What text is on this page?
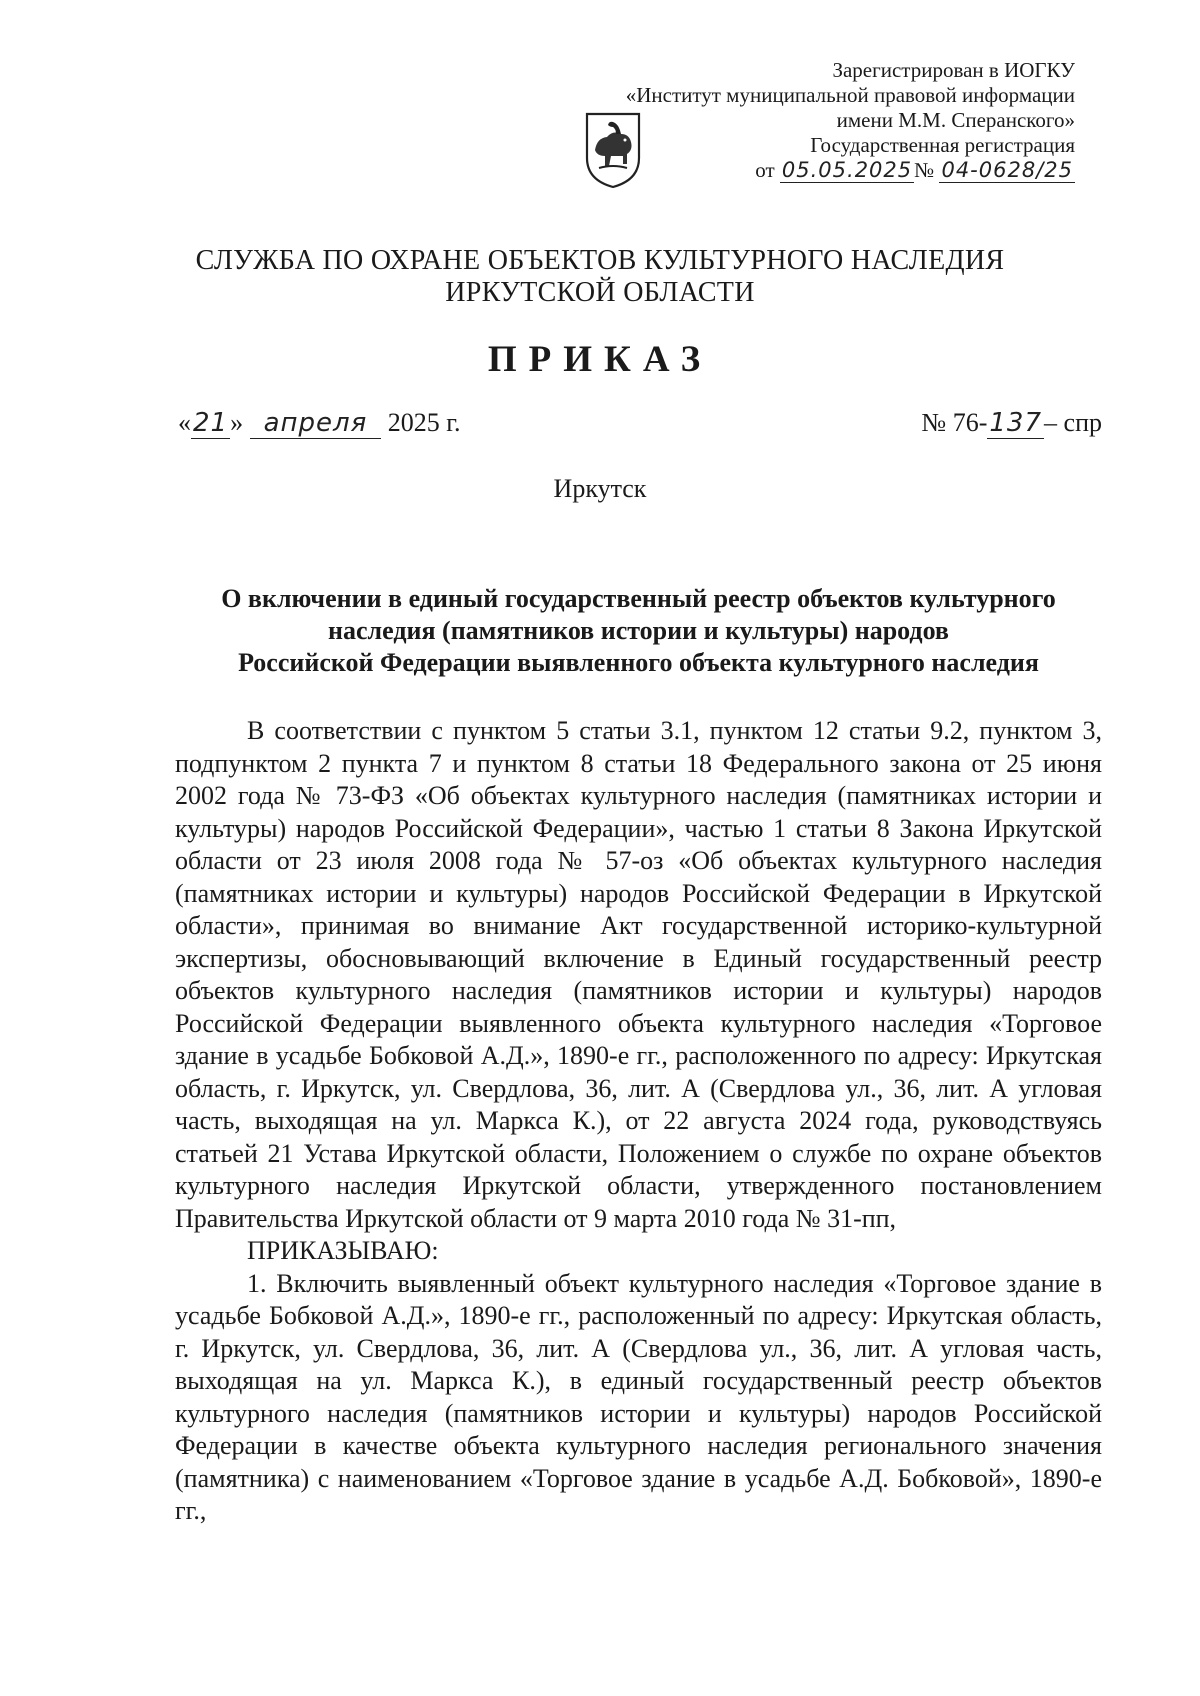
Зарегистрирован в ИОГКУ
«Институт муниципальной правовой информации
имени М.М. Сперанского»
Государственная регистрация
от 05.05.2025№ 04-0628/25
СЛУЖБА ПО ОХРАНЕ ОБЪЕКТОВ КУЛЬТУРНОГО НАСЛЕДИЯ
ИРКУТСКОЙ ОБЛАСТИ
ПРИКАЗ
«21» апреля 2025 г.	№ 76-137– спр
Иркутск
О включении в единый государственный реестр объектов культурного
наследия (памятников истории и культуры) народов
Российской Федерации выявленного объекта культурного наследия

В соответствии с пунктом 5 статьи 3.1, пунктом 12 статьи 9.2, пунктом 3, подпунктом 2 пункта 7 и пунктом 8 статьи 18 Федерального закона от 25 июня 2002 года № 73-ФЗ «Об объектах культурного наследия (памятниках истории и культуры) народов Российской Федерации», частью 1 статьи 8 Закона Иркутской области от 23 июля 2008 года № 57-оз «Об объектах культурного наследия (памятниках истории и культуры) народов Российской Федерации в Иркутской области», принимая во внимание Акт государственной историко-культурной экспертизы, обосновывающий включение в Единый государственный реестр объектов культурного наследия (памятников истории и культуры) народов Российской Федерации выявленного объекта культурного наследия «Торговое здание в усадьбе Бобковой А.Д.», 1890-е гг., расположенного по адресу: Иркутская область, г. Иркутск, ул. Свердлова, 36, лит. А (Свердлова ул., 36, лит. А угловая часть, выходящая на ул. Маркса К.), от 22 августа 2024 года, руководствуясь статьей 21 Устава Иркутской области, Положением о службе по охране объектов культурного наследия Иркутской области, утвержденного постановлением Правительства Иркутской области от 9 марта 2010 года № 31-пп,

ПРИКАЗЫВАЮ:

1. Включить выявленный объект культурного наследия «Торговое здание в усадьбе Бобковой А.Д.», 1890-е гг., расположенный по адресу: Иркутская область, г. Иркутск, ул. Свердлова, 36, лит. А (Свердлова ул., 36, лит. А угловая часть, выходящая на ул. Маркса К.), в единый государственный реестр объектов культурного наследия (памятников истории и культуры) народов Российской Федерации в качестве объекта культурного наследия регионального значения (памятника) с наименованием «Торговое здание в усадьбе А.Д. Бобковой», 1890-е гг.,
